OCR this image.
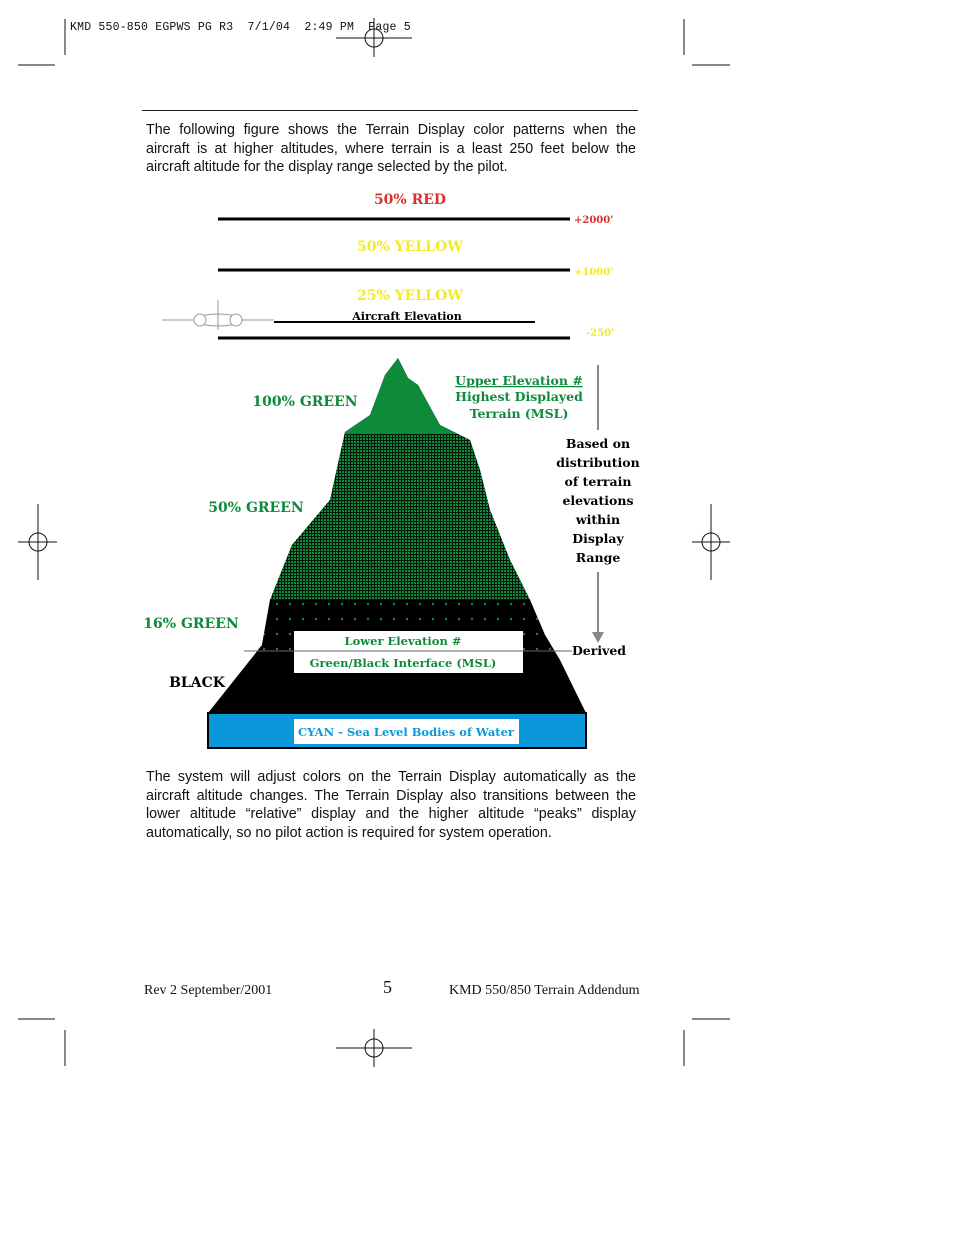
KMD 550-850 EGPWS PG R3  7/1/04  2:49 PM  Page 5
The following figure shows the Terrain Display color patterns when the aircraft is at higher altitudes, where terrain is a least 250 feet below the aircraft altitude for the display range selected by the pilot.
50% RED
50% YELLOW
25% YELLOW
+2000'
+1000'
-250'
Aircraft Elevation
CYAN - Sea Level Bodies of Water
Lower Elevation #
Green/Black Interface (MSL)
100% GREEN
50% GREEN
16% GREEN
BLACK
Upper Elevation #
Highest Displayed
Terrain (MSL)
Based on
distribution
of terrain
elevations
within
Display
Range
Derived
The system will adjust colors on the Terrain Display automatically as the aircraft altitude changes. The Terrain Display also transitions between the lower altitude “relative” display and the higher altitude “peaks” display automatically, so no pilot action is required for system operation.
Rev 2 September/2001	5	KMD 550/850 Terrain Addendum
